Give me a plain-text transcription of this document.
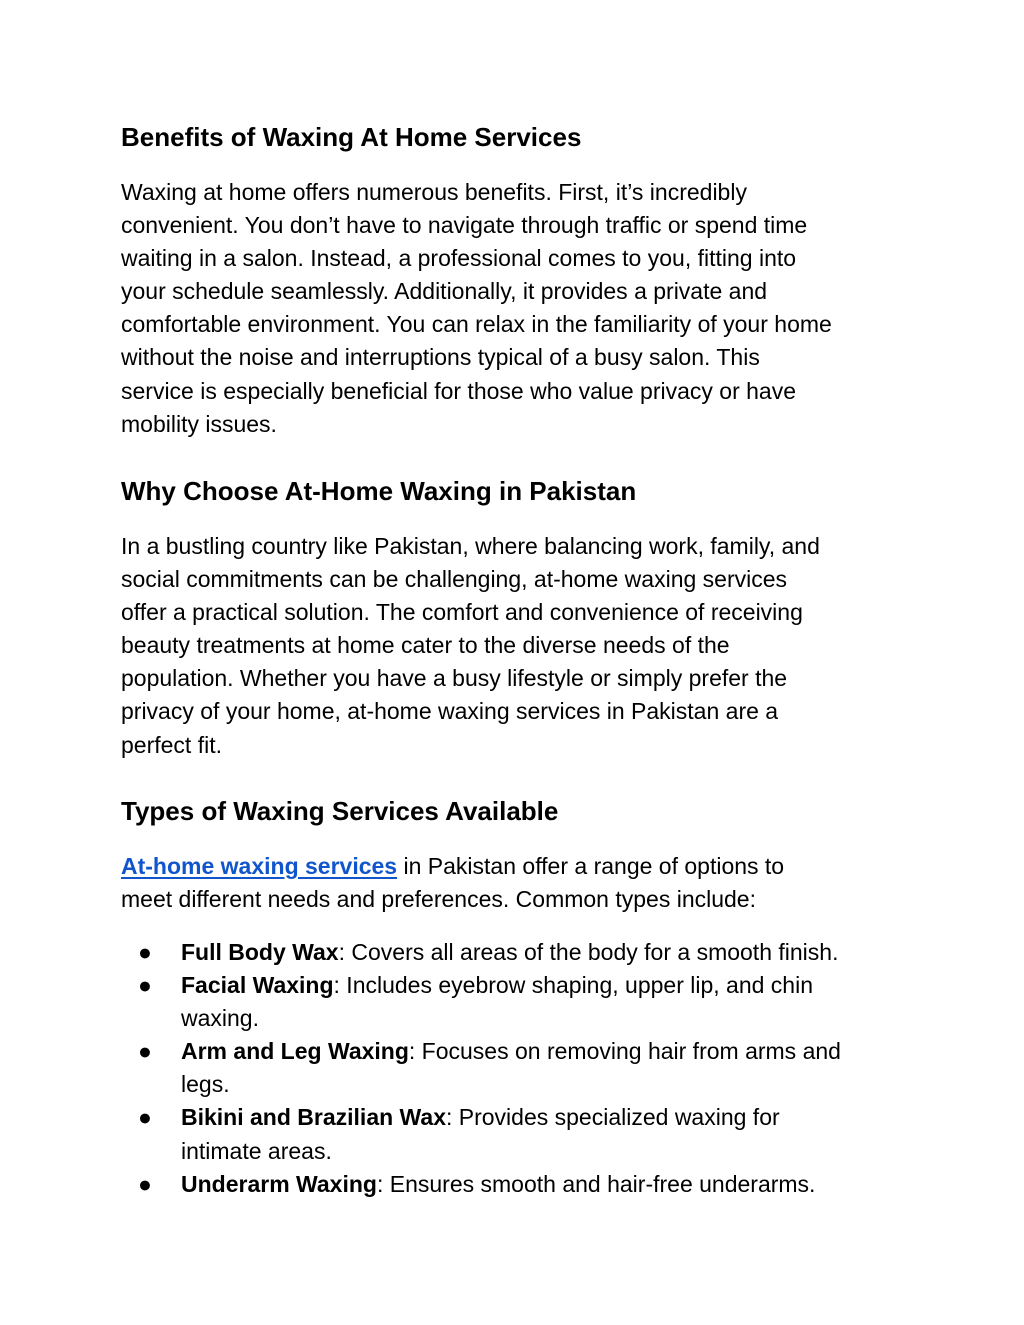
Benefits of Waxing At Home Services
Waxing at home offers numerous benefits. First, it’s incredibly
convenient. You don’t have to navigate through traffic or spend time
waiting in a salon. Instead, a professional comes to you, fitting into
your schedule seamlessly. Additionally, it provides a private and
comfortable environment. You can relax in the familiarity of your home
without the noise and interruptions typical of a busy salon. This
service is especially beneficial for those who value privacy or have
mobility issues.
Why Choose At-Home Waxing in Pakistan
In a bustling country like Pakistan, where balancing work, family, and
social commitments can be challenging, at-home waxing services
offer a practical solution. The comfort and convenience of receiving
beauty treatments at home cater to the diverse needs of the
population. Whether you have a busy lifestyle or simply prefer the
privacy of your home, at-home waxing services in Pakistan are a
perfect fit.
Types of Waxing Services Available
At-home waxing services in Pakistan offer a range of options to
meet different needs and preferences. Common types include:
● Full Body Wax: Covers all areas of the body for a smooth finish.
● Facial Waxing: Includes eyebrow shaping, upper lip, and chin
waxing.
● Arm and Leg Waxing: Focuses on removing hair from arms and
legs.
● Bikini and Brazilian Wax: Provides specialized waxing for
intimate areas.
● Underarm Waxing: Ensures smooth and hair-free underarms.
